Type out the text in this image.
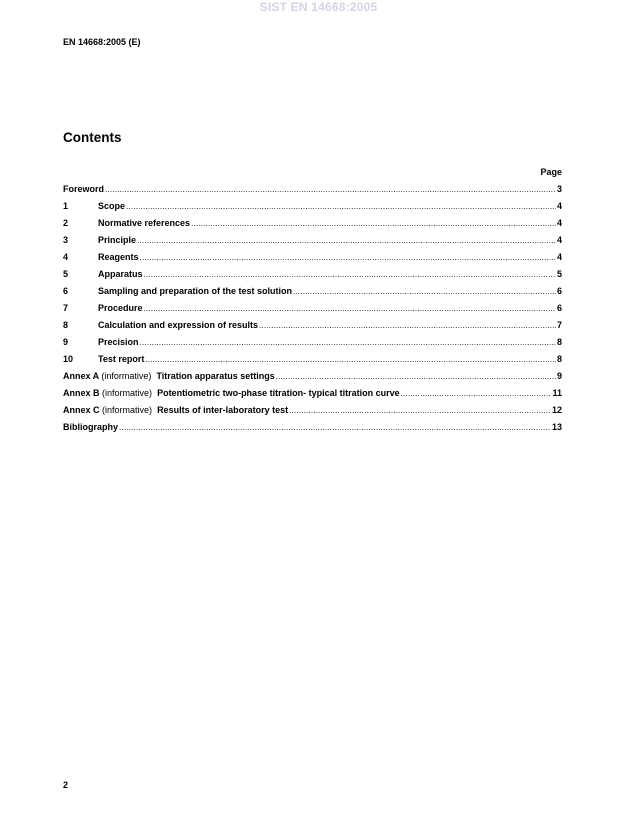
SIST EN 14668:2005
EN 14668:2005 (E)
Contents
Page
Foreword .....	3
1	Scope .....	4
2	Normative references .....	4
3	Principle .....	4
4	Reagents .....	4
5	Apparatus .....	5
6	Sampling and preparation of the test solution .....	6
7	Procedure .....	6
8	Calculation and expression of results .....	7
9	Precision .....	8
10	Test report .....	8
Annex A (informative) Titration apparatus settings .....	9
Annex B (informative) Potentiometric two-phase titration- typical titration curve .....	11
Annex C (informative) Results of inter-laboratory test .....	12
Bibliography .....	13
2
